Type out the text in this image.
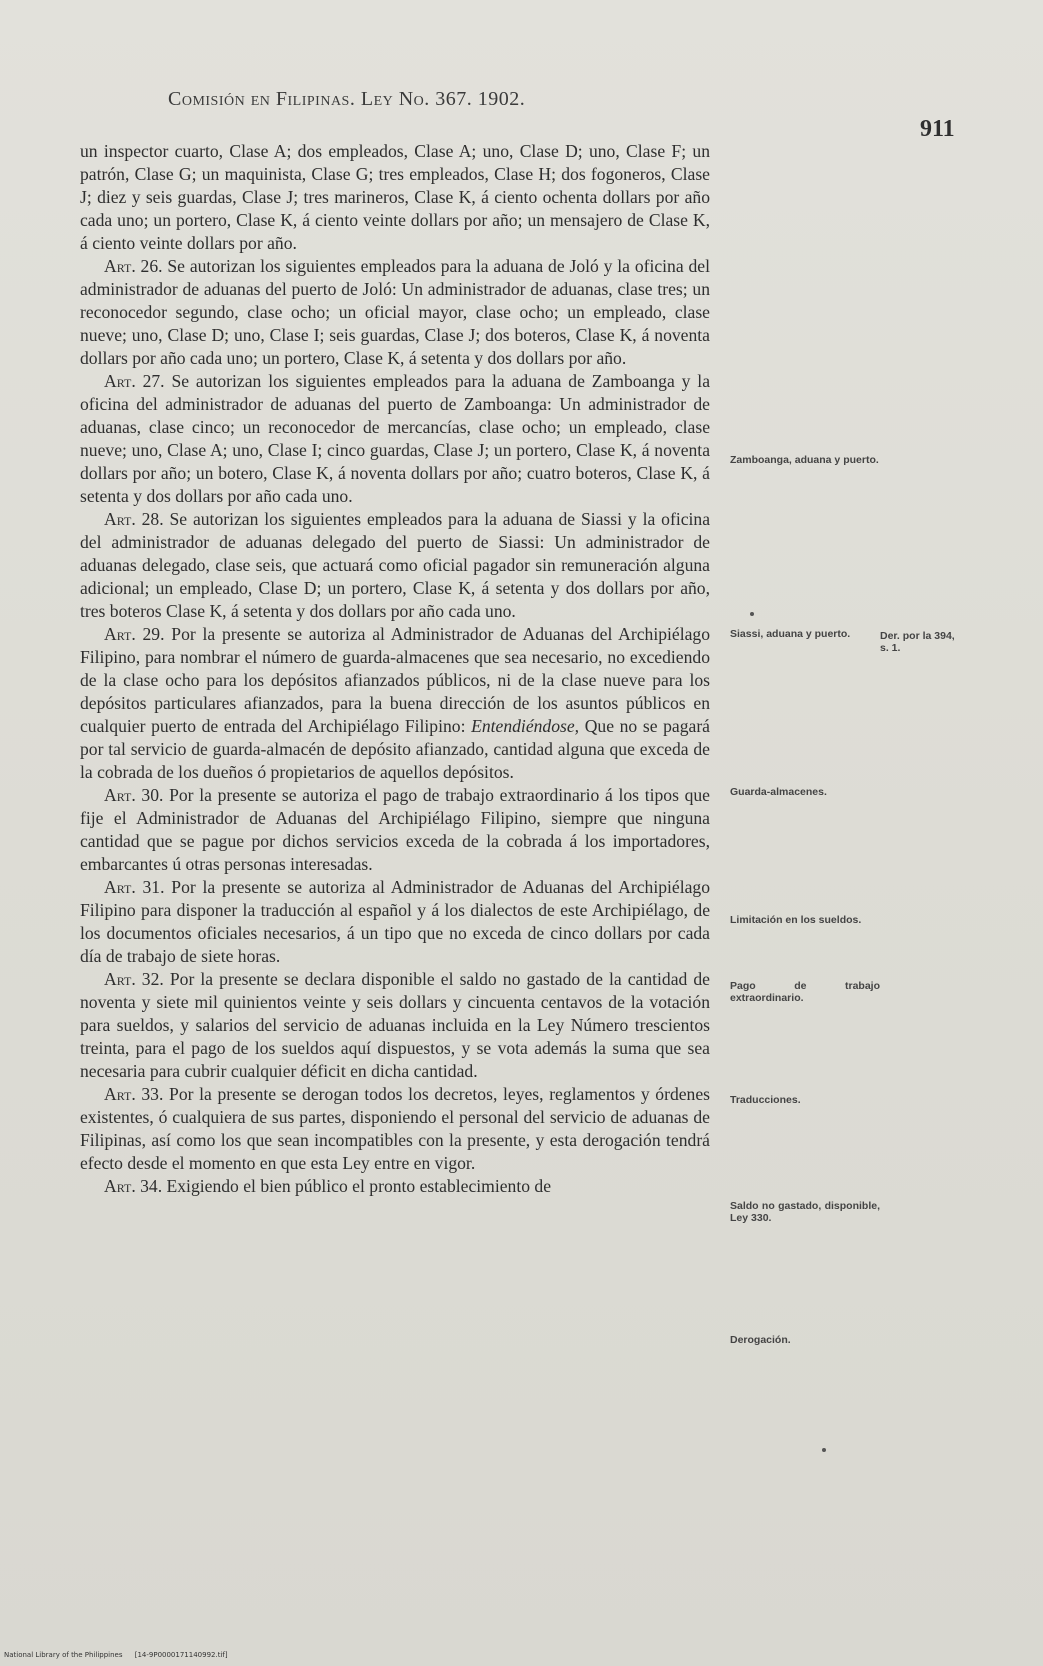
Comisión en Filipinas. Ley No. 367. 1902.
911

un inspector cuarto, Clase A; dos empleados, Clase A; uno, Clase D; uno, Clase F; un patrón, Clase G; un maquinista, Clase G; tres empleados, Clase H; dos fogoneros, Clase J; diez y seis guardas, Clase J; tres marineros, Clase K, á ciento ochenta dollars por año cada uno; un portero, Clase K, á ciento veinte dollars por año; un mensajero de Clase K, á ciento veinte dollars por año.

Art. 26. Se autorizan los siguientes empleados para la aduana de Joló y la oficina del administrador de aduanas del puerto de Joló: Un administrador de aduanas, clase tres; un reconocedor segundo, clase ocho; un oficial mayor, clase ocho; un empleado, clase nueve; uno, Clase D; uno, Clase I; seis guardas, Clase J; dos boteros, Clase K, á noventa dollars por año cada uno; un portero, Clase K, á setenta y dos dollars por año.

Art. 27. Se autorizan los siguientes empleados para la aduana de Zamboanga y la oficina del administrador de aduanas del puerto de Zamboanga: Un administrador de aduanas, clase cinco; un reconocedor de mercancías, clase ocho; un empleado, clase nueve; uno, Clase A; uno, Clase I; cinco guardas, Clase J; un portero, Clase K, á noventa dollars por año; un botero, Clase K, á noventa dollars por año; cuatro boteros, Clase K, á setenta y dos dollars por año cada uno.

Art. 28. Se autorizan los siguientes empleados para la aduana de Siassi y la oficina del administrador de aduanas delegado del puerto de Siassi: Un administrador de aduanas delegado, clase seis, que actuará como oficial pagador sin remuneración alguna adicional; un empleado, Clase D; un portero, Clase K, á setenta y dos dollars por año, tres boteros Clase K, á setenta y dos dollars por año cada uno.

Art. 29. Por la presente se autoriza al Administrador de Aduanas del Archipiélago Filipino, para nombrar el número de guarda-almacenes que sea necesario, no excediendo de la clase ocho para los depósitos afianzados públicos, ni de la clase nueve para los depósitos particulares afianzados, para la buena dirección de los asuntos públicos en cualquier puerto de entrada del Archipiélago Filipino: Entendiéndose, Que no se pagará por tal servicio de guarda-almacén de depósito afianzado, cantidad alguna que exceda de la cobrada de los dueños ó propietarios de aquellos depósitos.

Art. 30. Por la presente se autoriza el pago de trabajo extraordinario á los tipos que fije el Administrador de Aduanas del Archipiélago Filipino, siempre que ninguna cantidad que se pague por dichos servicios exceda de la cobrada á los importadores, embarcantes ú otras personas interesadas.

Art. 31. Por la presente se autoriza al Administrador de Aduanas del Archipiélago Filipino para disponer la traducción al español y á los dialectos de este Archipiélago, de los documentos oficiales necesarios, á un tipo que no exceda de cinco dollars por cada día de trabajo de siete horas.

Art. 32. Por la presente se declara disponible el saldo no gastado de la cantidad de noventa y siete mil quinientos veinte y seis dollars y cincuenta centavos de la votación para sueldos, y salarios del servicio de aduanas incluida en la Ley Número trescientos treinta, para el pago de los sueldos aquí dispuestos, y se vota además la suma que sea necesaria para cubrir cualquier déficit en dicha cantidad.

Art. 33. Por la presente se derogan todos los decretos, leyes, reglamentos y órdenes existentes, ó cualquiera de sus partes, disponiendo el personal del servicio de aduanas de Filipinas, así como los que sean incompatibles con la presente, y esta derogación tendrá efecto desde el momento en que esta Ley entre en vigor.

Art. 34. Exigiendo el bien público el pronto establecimiento de

Zamboanga, aduana y puerto.
Siassi, aduana y puerto.	Der. por la 394, s. 1.
Guarda-almacenes.
Limitación en los sueldos.
Pago de trabajo extraordinario.
Traducciones.
Saldo no gastado, disponible, Ley 330.
Derogación.
National Library of the Philippines [14-9P0000171140992.tif]
